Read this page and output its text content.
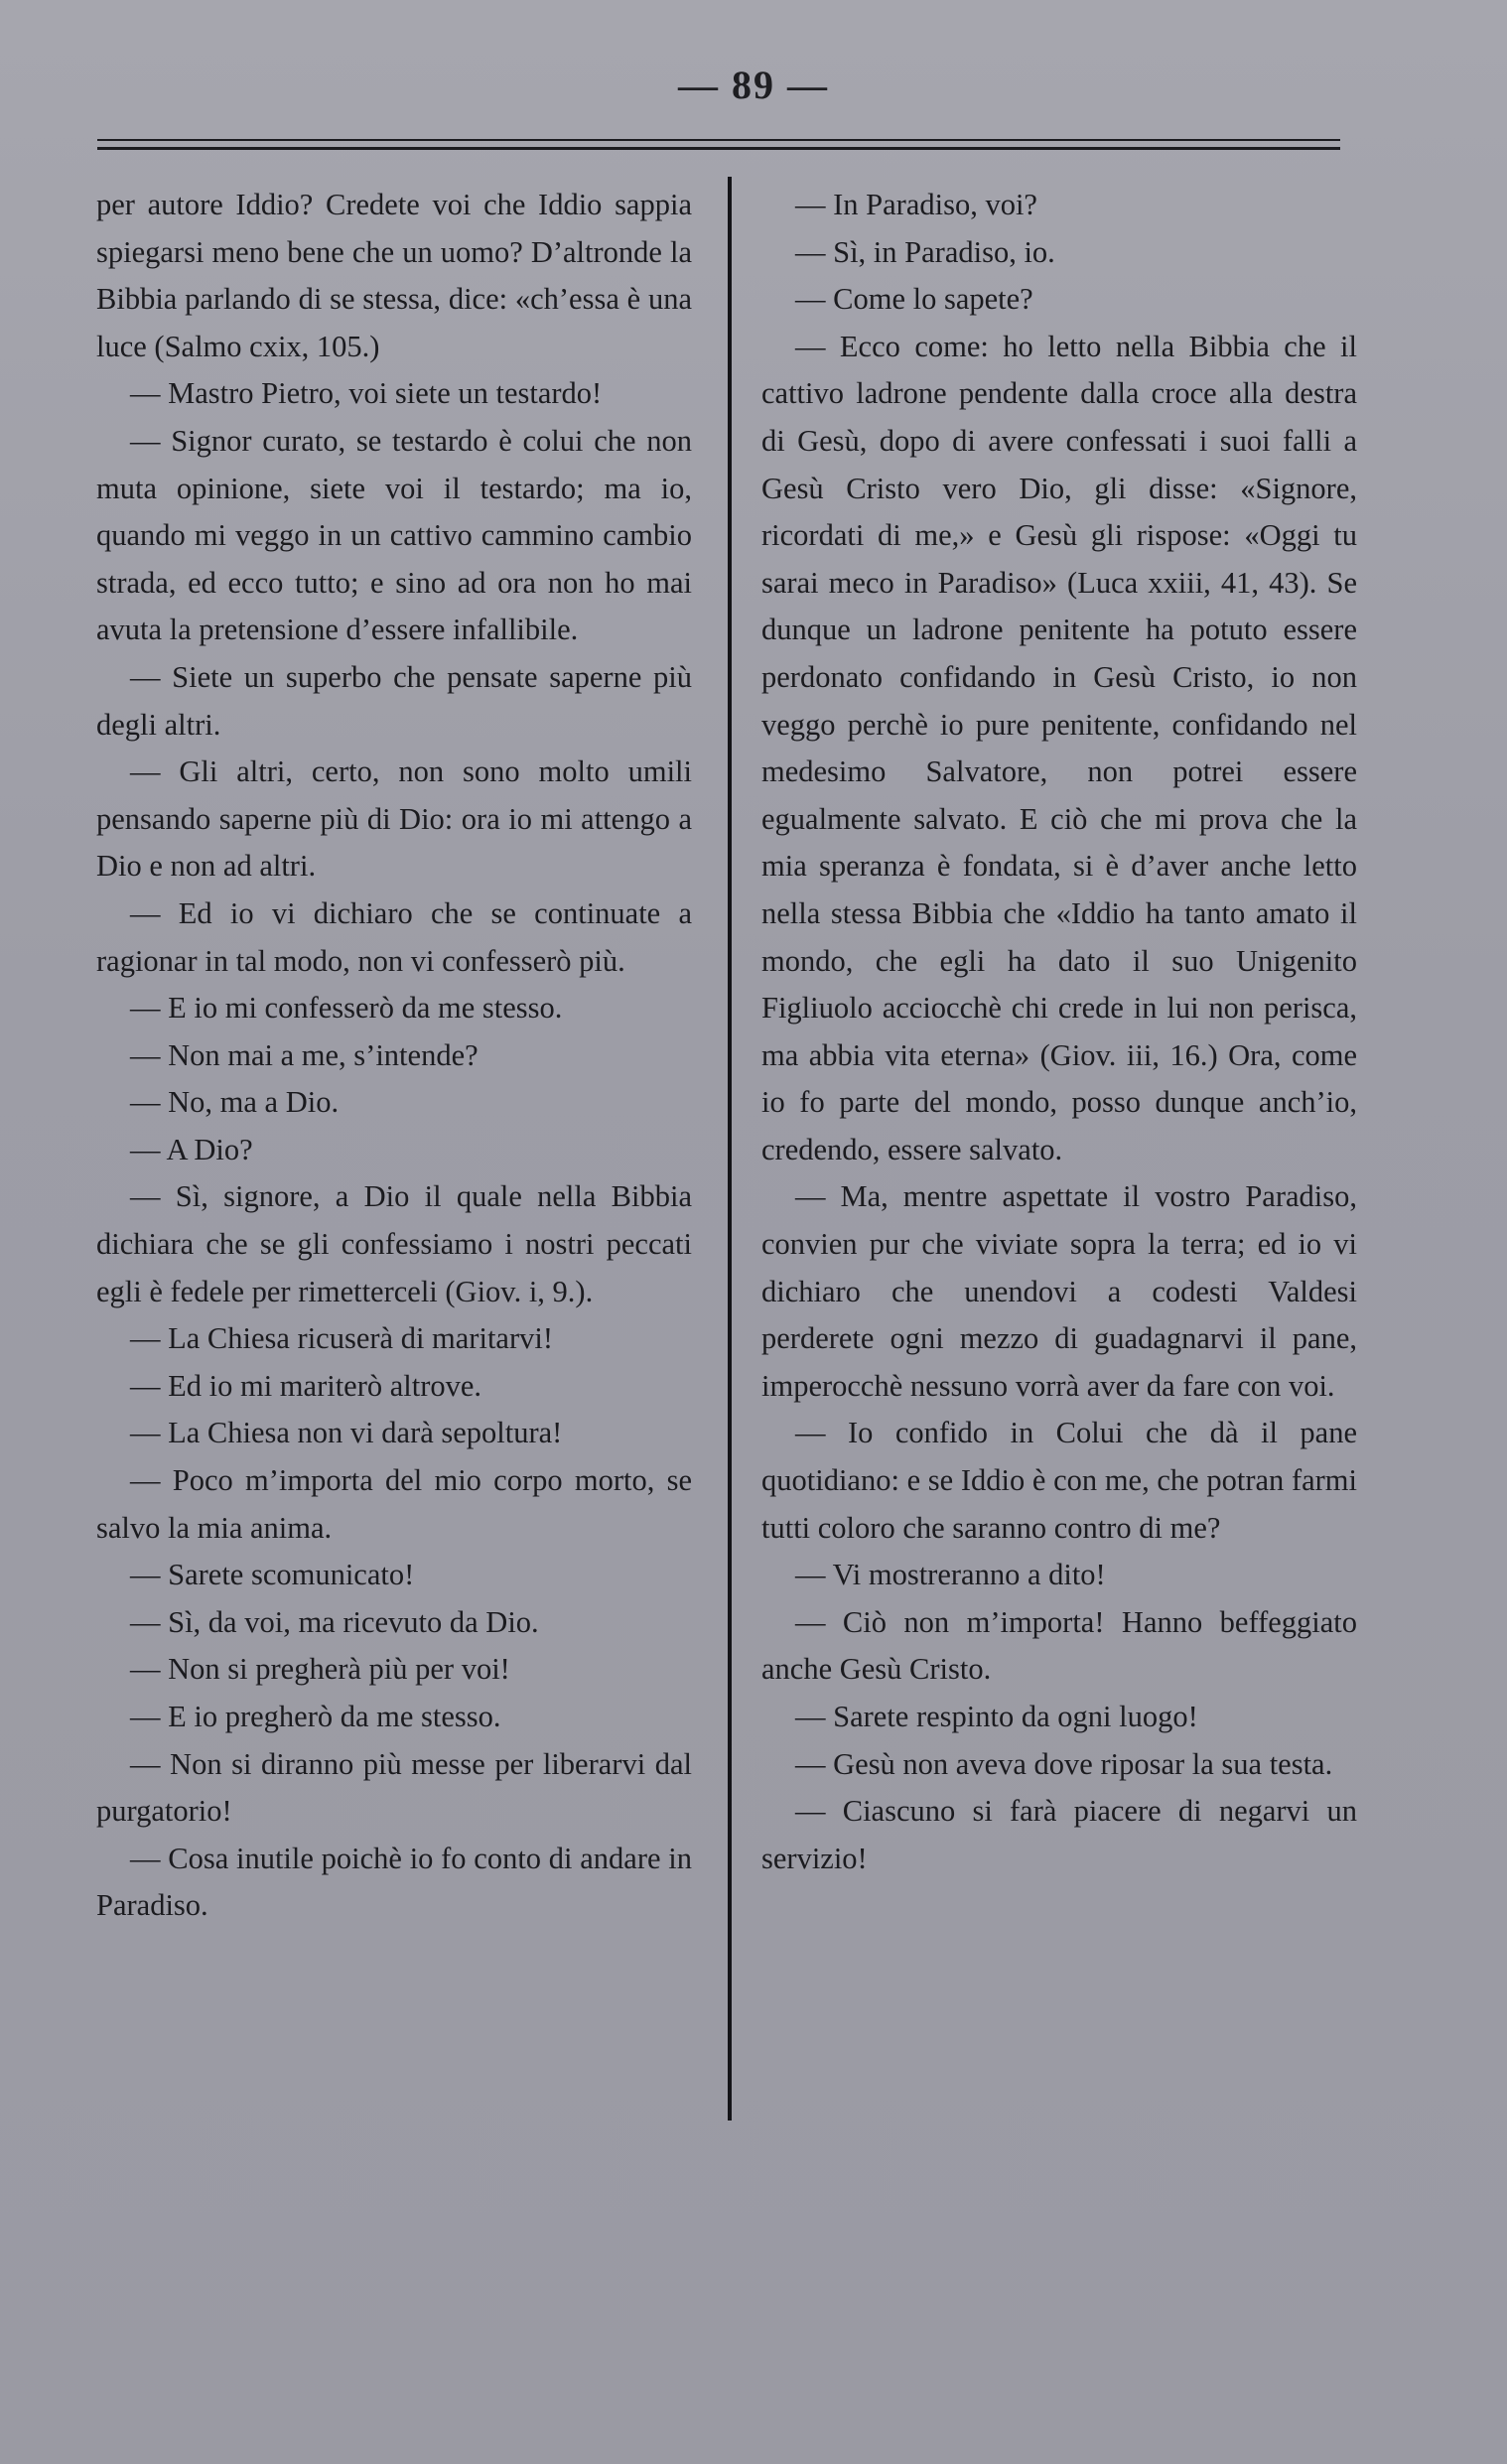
— 89 —

per autore Iddio? Credete voi che Iddio sappia spiegarsi meno bene che un uomo? D’altronde la Bibbia parlando di se stessa, dice: «ch’essa è una luce (Salmo cxix, 105.)

— Mastro Pietro, voi siete un testardo!

— Signor curato, se testardo è colui che non muta opinione, siete voi il testardo; ma io, quando mi veggo in un cattivo cammino cambio strada, ed ecco tutto; e sino ad ora non ho mai avuta la pretensione d’essere infallibile.

— Siete un superbo che pensate saperne più degli altri.

— Gli altri, certo, non sono molto umili pensando saperne più di Dio: ora io mi attengo a Dio e non ad altri.

— Ed io vi dichiaro che se continuate a ragionar in tal modo, non vi confesserò più.

— E io mi confesserò da me stesso.

— Non mai a me, s’intende?

— No, ma a Dio.

— A Dio?

— Sì, signore, a Dio il quale nella Bibbia dichiara che se gli confessiamo i nostri peccati egli è fedele per rimetterceli (Giov. i, 9.).

— La Chiesa ricuserà di maritarvi!

— Ed io mi mariterò altrove.

— La Chiesa non vi darà sepoltura!

— Poco m’importa del mio corpo morto, se salvo la mia anima.

— Sarete scomunicato!

— Sì, da voi, ma ricevuto da Dio.

— Non si pregherà più per voi!

— E io pregherò da me stesso.

— Non si diranno più messe per liberarvi dal purgatorio!

— Cosa inutile poichè io fo conto di andare in Paradiso.

— In Paradiso, voi?

— Sì, in Paradiso, io.

— Come lo sapete?

— Ecco come: ho letto nella Bibbia che il cattivo ladrone pendente dalla croce alla destra di Gesù, dopo di avere confessati i suoi falli a Gesù Cristo vero Dio, gli disse: «Signore, ricordati di me,» e Gesù gli rispose: «Oggi tu sarai meco in Paradiso» (Luca xxiii, 41, 43). Se dunque un ladrone penitente ha potuto essere perdonato confidando in Gesù Cristo, io non veggo perchè io pure penitente, confidando nel medesimo Salvatore, non potrei essere egualmente salvato. E ciò che mi prova che la mia speranza è fondata, si è d’aver anche letto nella stessa Bibbia che «Iddio ha tanto amato il mondo, che egli ha dato il suo Unigenito Figliuolo acciocchè chi crede in lui non perisca, ma abbia vita eterna» (Giov. iii, 16.) Ora, come io fo parte del mondo, posso dunque anch’io, credendo, essere salvato.

— Ma, mentre aspettate il vostro Paradiso, convien pur che viviate sopra la terra; ed io vi dichiaro che unendovi a codesti Valdesi perderete ogni mezzo di guadagnarvi il pane, imperocchè nessuno vorrà aver da fare con voi.

— Io confido in Colui che dà il pane quotidiano: e se Iddio è con me, che potran farmi tutti coloro che saranno contro di me?

— Vi mostreranno a dito!

— Ciò non m’importa! Hanno beffeggiato anche Gesù Cristo.

— Sarete respinto da ogni luogo!

— Gesù non aveva dove riposar la sua testa.

— Ciascuno si farà piacere di negarvi un servizio!
